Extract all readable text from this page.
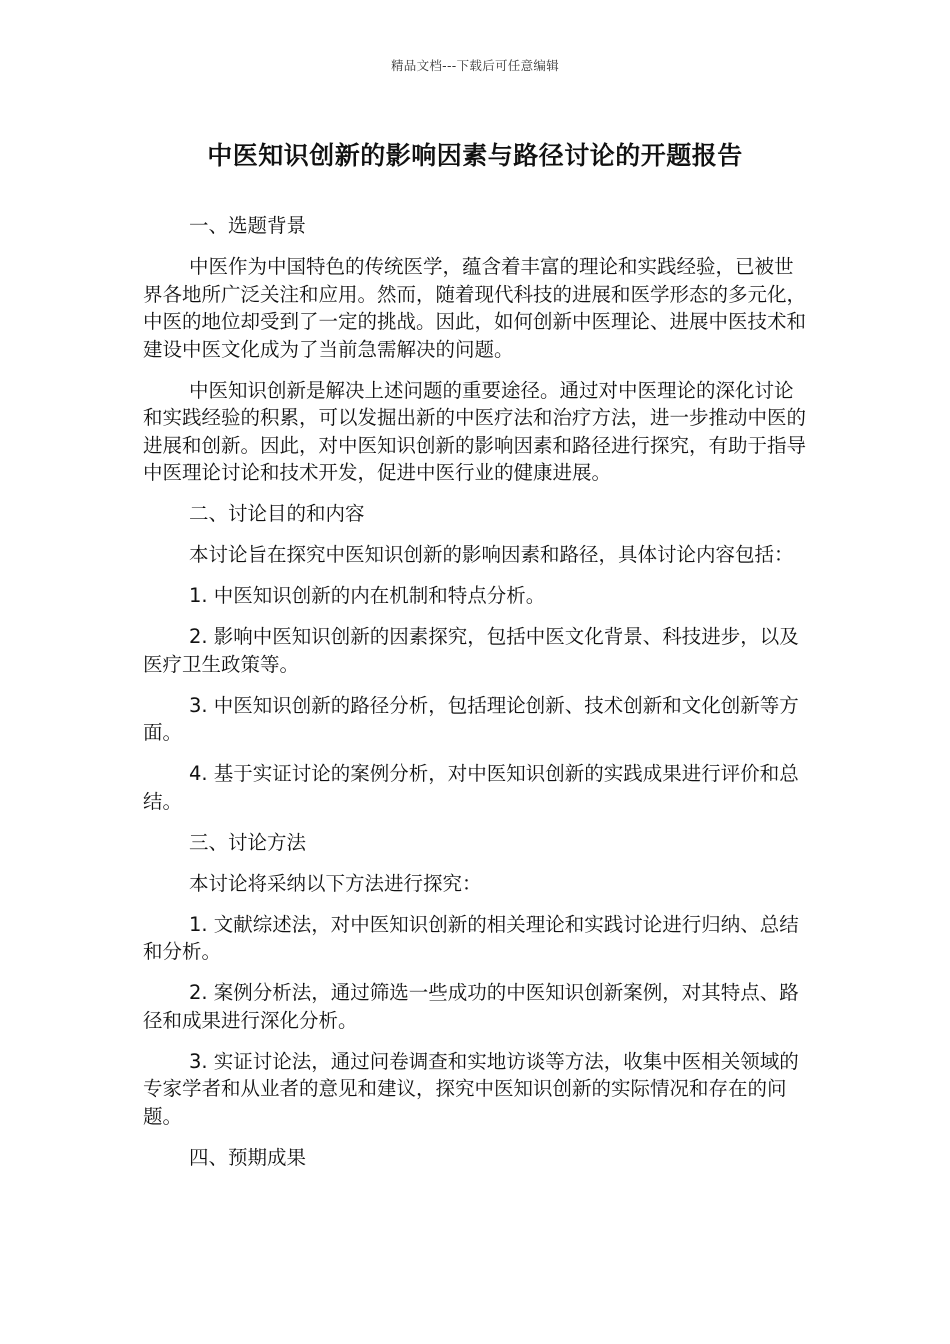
精品文档---下载后可任意编辑
中医知识创新的影响因素与路径讨论的开题报告

一、选题背景

中医作为中国特色的传统医学，蕴含着丰富的理论和实践经验，已被世界各地所广泛关注和应用。然而，随着现代科技的进展和医学形态的多元化，中医的地位却受到了一定的挑战。因此，如何创新中医理论、进展中医技术和建设中医文化成为了当前急需解决的问题。

中医知识创新是解决上述问题的重要途径。通过对中医理论的深化讨论和实践经验的积累，可以发掘出新的中医疗法和治疗方法，进一步推动中医的进展和创新。因此，对中医知识创新的影响因素和路径进行探究，有助于指导中医理论讨论和技术开发，促进中医行业的健康进展。

二、讨论目的和内容

本讨论旨在探究中医知识创新的影响因素和路径，具体讨论内容包括：

1. 中医知识创新的内在机制和特点分析。

2. 影响中医知识创新的因素探究，包括中医文化背景、科技进步，以及医疗卫生政策等。

3. 中医知识创新的路径分析，包括理论创新、技术创新和文化创新等方面。

4. 基于实证讨论的案例分析，对中医知识创新的实践成果进行评价和总结。

三、讨论方法

本讨论将采纳以下方法进行探究：

1. 文献综述法，对中医知识创新的相关理论和实践讨论进行归纳、总结和分析。

2. 案例分析法，通过筛选一些成功的中医知识创新案例，对其特点、路径和成果进行深化分析。

3. 实证讨论法，通过问卷调查和实地访谈等方法，收集中医相关领域的专家学者和从业者的意见和建议，探究中医知识创新的实际情况和存在的问题。

四、预期成果
